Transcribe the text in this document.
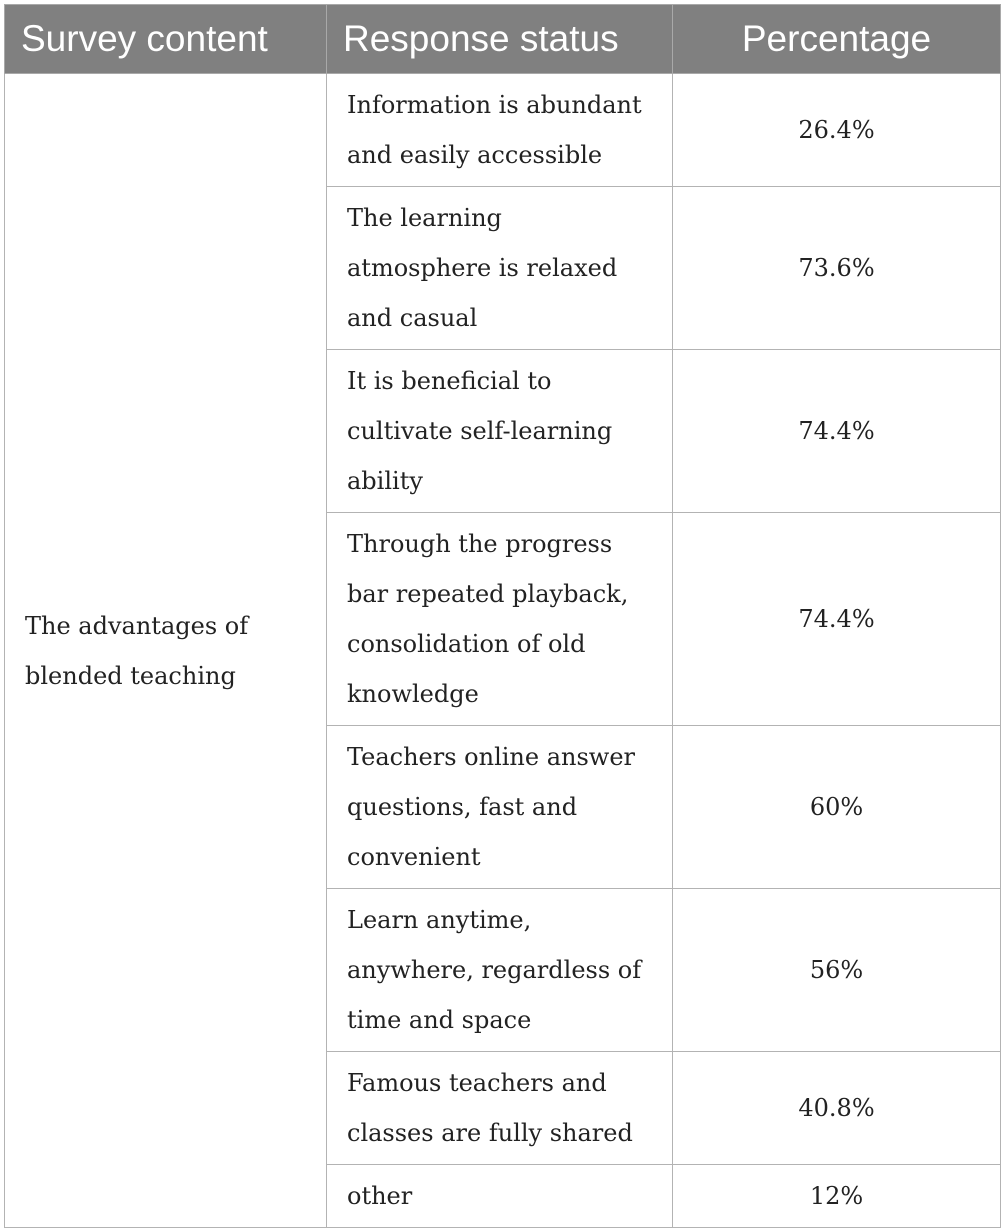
Survey content	Response status	Percentage
The advantages of blended teaching	Information is abundant and easily accessible	26.4%
	The learning atmosphere is relaxed and casual	73.6%
	It is beneficial to cultivate self-learning ability	74.4%
	Through the progress bar repeated playback, consolidation of old knowledge	74.4%
	Teachers online answer questions, fast and convenient	60%
	Learn anytime, anywhere, regardless of time and space	56%
	Famous teachers and classes are fully shared	40.8%
	other	12%
